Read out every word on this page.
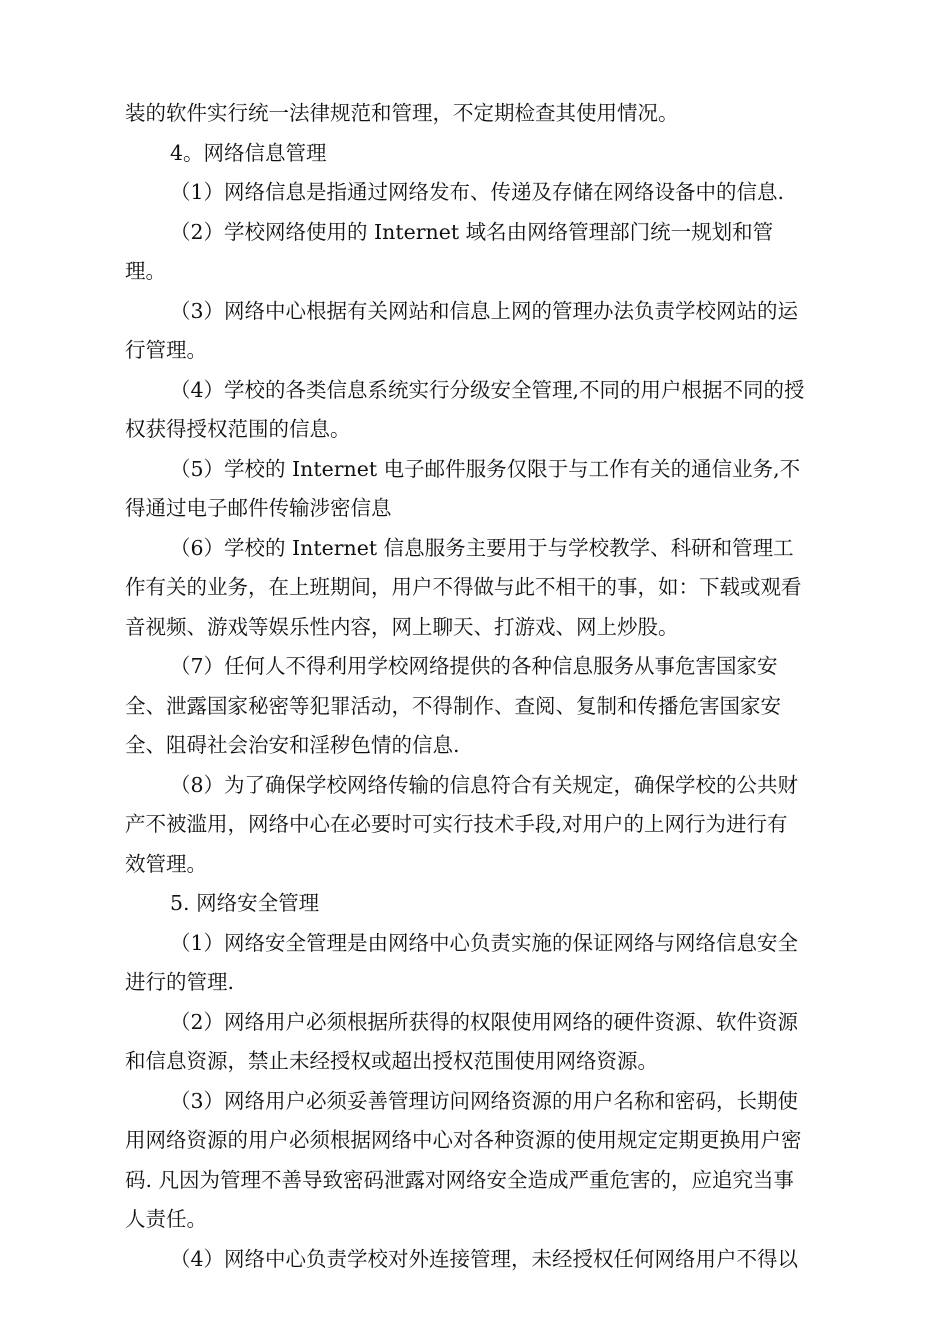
装的软件实行统一法律规范和管理，不定期检查其使用情况。
4。网络信息管理
（1）网络信息是指通过网络发布、传递及存储在网络设备中的信息.
（2）学校网络使用的 Internet 域名由网络管理部门统一规划和管
理。
（3）网络中心根据有关网站和信息上网的管理办法负责学校网站的运
行管理。
（4）学校的各类信息系统实行分级安全管理,不同的用户根据不同的授
权获得授权范围的信息。
（5）学校的 Internet 电子邮件服务仅限于与工作有关的通信业务,不
得通过电子邮件传输涉密信息
（6）学校的 Internet 信息服务主要用于与学校教学、科研和管理工
作有关的业务，在上班期间，用户不得做与此不相干的事，如：下载或观看
音视频、游戏等娱乐性内容，网上聊天、打游戏、网上炒股。
（7）任何人不得利用学校网络提供的各种信息服务从事危害国家安
全、泄露国家秘密等犯罪活动，不得制作、查阅、复制和传播危害国家安
全、阻碍社会治安和淫秽色情的信息.
（8）为了确保学校网络传输的信息符合有关规定，确保学校的公共财
产不被滥用，网络中心在必要时可实行技术手段,对用户的上网行为进行有
效管理。
5. 网络安全管理
（1）网络安全管理是由网络中心负责实施的保证网络与网络信息安全
进行的管理.
（2）网络用户必须根据所获得的权限使用网络的硬件资源、软件资源
和信息资源，禁止未经授权或超出授权范围使用网络资源。
（3）网络用户必须妥善管理访问网络资源的用户名称和密码，长期使
用网络资源的用户必须根据网络中心对各种资源的使用规定定期更换用户密
码. 凡因为管理不善导致密码泄露对网络安全造成严重危害的，应追究当事
人责任。
（4）网络中心负责学校对外连接管理，未经授权任何网络用户不得以
